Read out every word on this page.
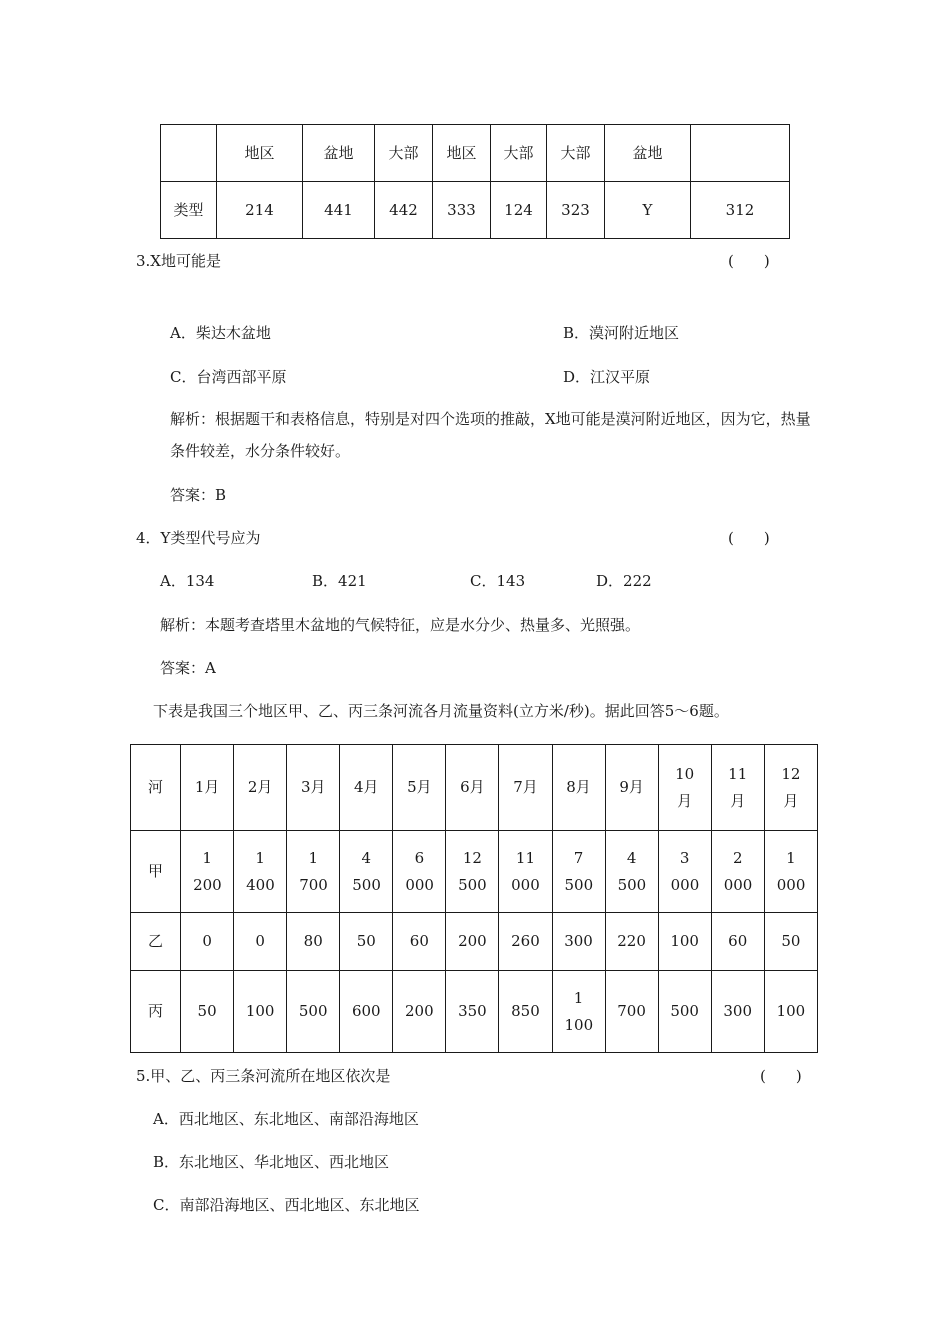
	地区	盆地	大部	地区	大部	大部	盆地	
类型	214	441	442	333	124	323	Y	312
3.X地可能是	(　　)
A．柴达木盆地	B．漠河附近地区
C．台湾西部平原	D．江汉平原
解析：根据题干和表格信息，特别是对四个选项的推敲，X地可能是漠河附近地区，因为它，热量条件较差，水分条件较好。
答案：B
4．Y类型代号应为	(　　)
A．134	B．421	C．143	D．222
解析：本题考查塔里木盆地的气候特征，应是水分少、热量多、光照强。
答案：A
下表是我国三个地区甲、乙、丙三条河流各月流量资料(立方米/秒)。据此回答5～6题。
河	1月	2月	3月	4月	5月	6月	7月	8月	9月	10月	11月	12月
甲	1 200	1 400	1 700	4 500	6 000	12 500	11 000	7 500	4 500	3 000	2 000	1 000
乙	0	0	80	50	60	200	260	300	220	100	60	50
丙	50	100	500	600	200	350	850	1 100	700	500	300	100
5.甲、乙、丙三条河流所在地区依次是	(　　)
A．西北地区、东北地区、南部沿海地区
B．东北地区、华北地区、西北地区
C．南部沿海地区、西北地区、东北地区
